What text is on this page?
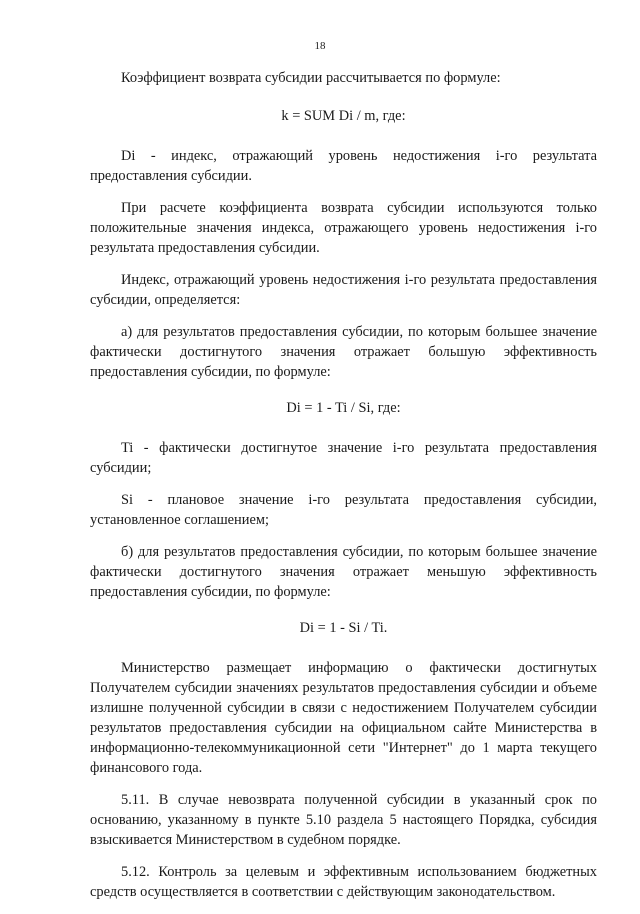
18

Коэффициент возврата субсидии рассчитывается по формуле:

k = SUM Di / m, где:

Di - индекс, отражающий уровень недостижения i-го результата предоставления субсидии.

При расчете коэффициента возврата субсидии используются только положительные значения индекса, отражающего уровень недостижения i-го результата предоставления субсидии.

Индекс, отражающий уровень недостижения i-го результата предоставления субсидии, определяется:

а) для результатов предоставления субсидии, по которым большее значение фактически достигнутого значения отражает большую эффективность предоставления субсидии, по формуле:

Di = 1 - Ti / Si, где:

Ti - фактически достигнутое значение i-го результата предоставления субсидии;

Si - плановое значение i-го результата предоставления субсидии, установленное соглашением;

б) для результатов предоставления субсидии, по которым большее значение фактически достигнутого значения отражает меньшую эффективность предоставления субсидии, по формуле:

Di = 1 - Si / Ti.

Министерство размещает информацию о фактически достигнутых Получателем субсидии значениях результатов предоставления субсидии и объеме излишне полученной субсидии в связи с недостижением Получателем субсидии результатов предоставления субсидии на официальном сайте Министерства в информационно-телекоммуникационной сети "Интернет" до 1 марта текущего финансового года.

5.11. В случае невозврата полученной субсидии в указанный срок по основанию, указанному в пункте 5.10 раздела 5 настоящего Порядка, субсидия взыскивается Министерством в судебном порядке.

5.12. Контроль за целевым и эффективным использованием бюджетных средств осуществляется в соответствии с действующим законодательством.
